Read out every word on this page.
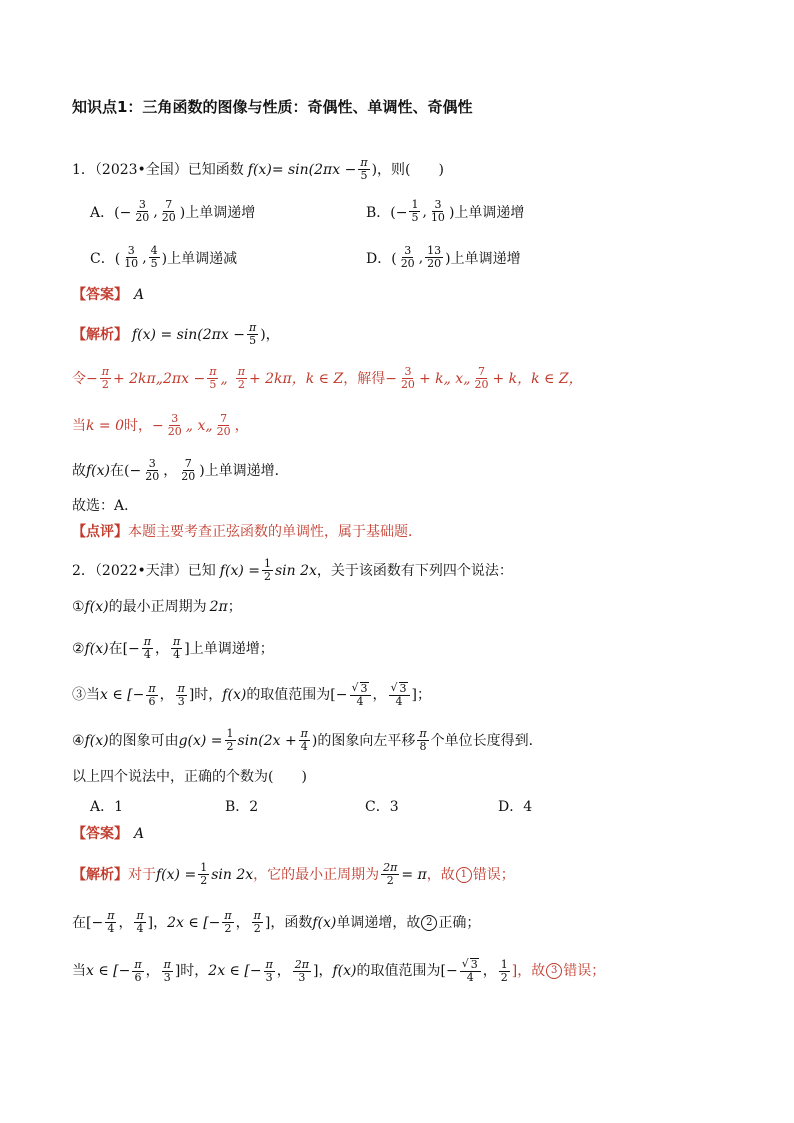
知识点1：三角函数的图像与性质：奇偶性、单调性、奇偶性
1．（2023•全国）已知函数 $f(x) = \sin(2\pi x - \frac{\pi}{5}$ ) ，则(　　)
A．(− $\frac{3}{20}$ , $\frac{7}{20}$ )上单调递增	B．(− $\frac{1}{5}$ , $\frac{3}{10}$ )上单调递增
C．( $\frac{3}{10}$ , $\frac{4}{5}$ )上单调递减	D．( $\frac{3}{20}$ , $\frac{13}{20}$ )上单调递增
【答案】 A
【解析】 $f(x) = \sin(2\pi x - \frac{\pi}{5}$ )，
令 − $\frac{\pi}{2} + 2k\pi$ „ $2\pi x - \frac{\pi}{5}$ „ $\frac{\pi}{2} + 2k\pi$ ，k ∈ Z ，解得 − $\frac{3}{20}$ + k„ x„ $\frac{7}{20} + k$ ，k ∈ Z，
当 k = 0 时， − $\frac{3}{20}$ „ x„ $\frac{7}{20}$ ，
故 f(x) 在(− $\frac{3}{20}$ ， $\frac{7}{20}$ )上单调递增．
故选：A．
【点评】 本题主要考查正弦函数的单调性，属于基础题．
2．（2022•天津）已知 $f(x) = \frac{1}{2}$ sin 2x ，关于该函数有下列四个说法：
① f(x) 的最小正周期为 2π ；
② f(x) 在[− $\frac{\pi}{4}$ ， $\frac{\pi}{4}$ ]上单调递增；
③当 x ∈ [− $\frac{\pi}{6}$ ， $\frac{\pi}{3}$ ]时， f(x) 的取值范围为[− $\frac{√ 3}{4}$ ， $\frac{√ 3}{4}$ ]；
④ f(x) 的图象可由 $g(x) = \frac{1}{2} \sin(2x + \frac{\pi}{4}$ ) 的图象向左平移 $\frac{\pi}{8}$ 个单位长度得到．
以上四个说法中，正确的个数为(　　)
A．1	B．2	C．3	D．4
【答案】 A
【解析】 对于 $f(x) = \frac{1}{2}$ sin 2x ，它的最小正周期为 $\frac{2\pi}{2} = \pi$ ，故 1 错误；
在[− $\frac{\pi}{4}$ ， $\frac{\pi}{4}$ ]， 2x ∈ [− $\frac{\pi}{2}$ ， $\frac{\pi}{2}$ ]，函数 f(x) 单调递增，故 2 正确；
当 x ∈ [− $\frac{\pi}{6}$ ， $\frac{\pi}{3}$ ]时， 2x ∈ [− $\frac{\pi}{3}$ ， $\frac{2\pi}{3}$ ]， f(x) 的取值范围为[− $\frac{√ 3}{4}$ ， $\frac{1}{2}$ ]，故 3 错误；
